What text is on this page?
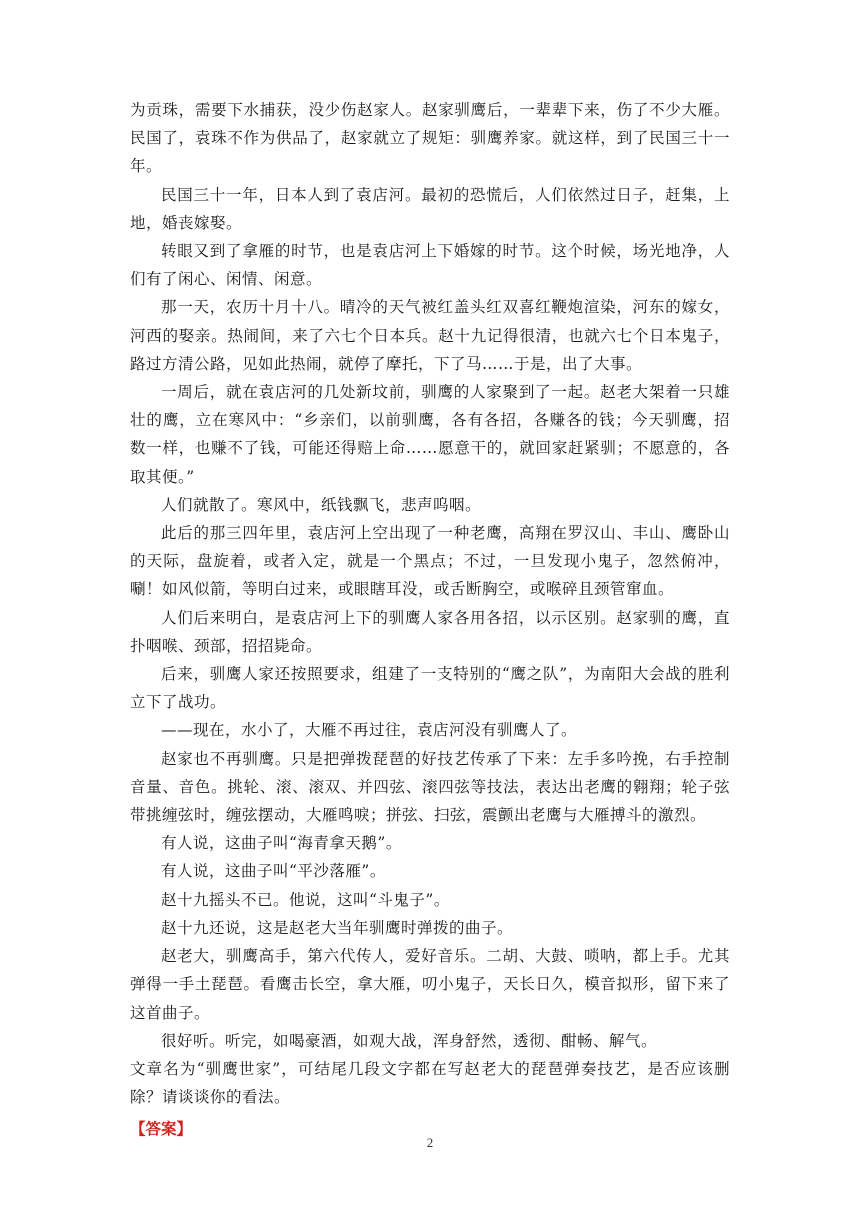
为贡珠，需要下水捕获，没少伤赵家人。赵家驯鹰后，一辈辈下来，伤了不少大雁。民国了，袁珠不作为供品了，赵家就立了规矩：驯鹰养家。就这样，到了民国三十一年。

民国三十一年，日本人到了袁店河。最初的恐慌后，人们依然过日子，赶集，上地，婚丧嫁娶。

转眼又到了拿雁的时节，也是袁店河上下婚嫁的时节。这个时候，场光地净，人们有了闲心、闲情、闲意。

那一天，农历十月十八。晴冷的天气被红盖头红双喜红鞭炮渲染，河东的嫁女，河西的娶亲。热闹间，来了六七个日本兵。赵十九记得很清，也就六七个日本鬼子，路过方清公路，见如此热闹，就停了摩托，下了马……于是，出了大事。

一周后，就在袁店河的几处新坟前，驯鹰的人家聚到了一起。赵老大架着一只雄壮的鹰，立在寒风中：“乡亲们，以前驯鹰，各有各招，各赚各的钱；今天驯鹰，招数一样，也赚不了钱，可能还得赔上命……愿意干的，就回家赶紧驯；不愿意的，各取其便。”

人们就散了。寒风中，纸钱飘飞，悲声呜咽。

此后的那三四年里，袁店河上空出现了一种老鹰，高翔在罗汉山、丰山、鹰卧山的天际，盘旋着，或者入定，就是一个黑点；不过，一旦发现小鬼子，忽然俯冲，唰！如风似箭，等明白过来，或眼瞎耳没，或舌断胸空，或喉碎且颈管窜血。

人们后来明白，是袁店河上下的驯鹰人家各用各招，以示区别。赵家驯的鹰，直扑咽喉、颈部，招招毙命。

后来，驯鹰人家还按照要求，组建了一支特别的“鹰之队”，为南阳大会战的胜利立下了战功。

——现在，水小了，大雁不再过往，袁店河没有驯鹰人了。

赵家也不再驯鹰。只是把弹拨琵琶的好技艺传承了下来：左手多吟挽，右手控制音量、音色。挑轮、滚、滚双、并四弦、滚四弦等技法，表达出老鹰的翱翔；轮子弦带挑缠弦时，缠弦摆动，大雁鸣唳；拼弦、扫弦，震颤出老鹰与大雁搏斗的激烈。

有人说，这曲子叫“海青拿天鹅”。

有人说，这曲子叫“平沙落雁”。

赵十九摇头不已。他说，这叫“斗鬼子”。

赵十九还说，这是赵老大当年驯鹰时弹拨的曲子。

赵老大，驯鹰高手，第六代传人，爱好音乐。二胡、大鼓、唢呐，都上手。尤其弹得一手土琵琶。看鹰击长空，拿大雁，叨小鬼子，天长日久，模音拟形，留下来了这首曲子。

很好听。听完，如喝豪酒，如观大战，浑身舒然，透彻、酣畅、解气。

文章名为“驯鹰世家”，可结尾几段文字都在写赵老大的琵琶弹奏技艺，是否应该删除？请谈谈你的看法。

【答案】

2
